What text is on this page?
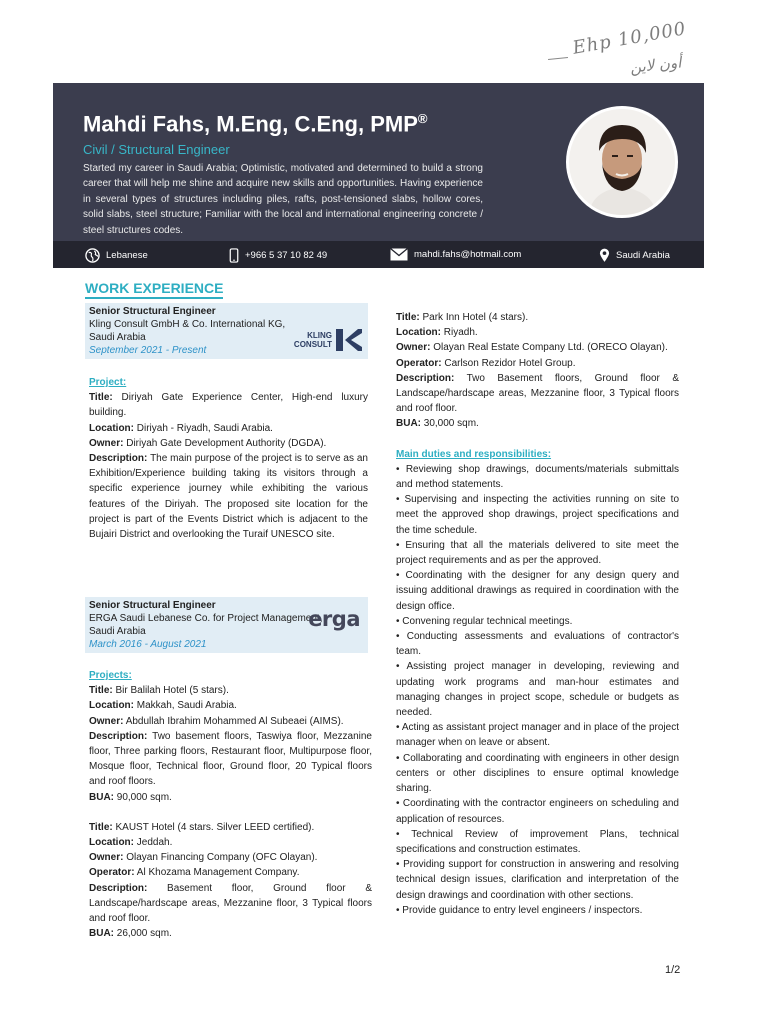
Ehp 10,000
أون لاين
Mahdi Fahs, M.Eng, C.Eng, PMP®
Civil / Structural Engineer
Started my career in Saudi Arabia; Optimistic, motivated and determined to build a strong career that will help me shine and acquire new skills and opportunities. Having experience in several types of structures including piles, rafts, post-tensioned slabs, hollow cores, solid slabs, steel structure; Familiar with the local and international engineering concrete / steel structures codes.
Lebanese	+966 5 37 10 82 49	mahdi.fahs@hotmail.com	Saudi Arabia
WORK EXPERIENCE
Senior Structural Engineer
Kling Consult GmbH & Co. International KG,
Saudi Arabia
September 2021 - Present
KLING
CONSULT

Project:

Title: Diriyah Gate Experience Center, High-end luxury building.

Location: Diriyah - Riyadh, Saudi Arabia.

Owner: Diriyah Gate Development Authority (DGDA).

Description: The main purpose of the project is to serve as an Exhibition/Experience building taking its visitors through a specific experience journey while exhibiting the various features of the Diriyah. The proposed site location for the project is part of the Events District which is adjacent to the Bujairi District and overlooking the Turaif UNESCO site.

Senior Structural Engineer
ERGA Saudi Lebanese Co. for Project Management,
Saudi Arabia
March 2016 - August 2021
erga

Projects:

Title: Bir Balilah Hotel (5 stars).

Location: Makkah, Saudi Arabia.

Owner: Abdullah Ibrahim Mohammed Al Subeaei (AIMS).

Description: Two basement floors, Taswiya floor, Mezzanine floor, Three parking floors, Restaurant floor, Multipurpose floor, Mosque floor, Technical floor, Ground floor, 20 Typical floors and roof floors.

BUA: 90,000 sqm.

Title: KAUST Hotel (4 stars. Silver LEED certified).

Location: Jeddah.

Owner: Olayan Financing Company (OFC Olayan).

Operator: Al Khozama Management Company.

Description: Basement floor, Ground floor & Landscape/hardscape areas, Mezzanine floor, 3 Typical floors and roof floor.

BUA: 26,000 sqm.

Title: Park Inn Hotel (4 stars).

Location: Riyadh.

Owner: Olayan Real Estate Company Ltd. (ORECO Olayan).

Operator: Carlson Rezidor Hotel Group.

Description: Two Basement floors, Ground floor & Landscape/hardscape areas, Mezzanine floor, 3 Typical floors and roof floor.

BUA: 30,000 sqm.

Main duties and responsibilities:

• Reviewing shop drawings, documents/materials submittals and method statements.

• Supervising and inspecting the activities running on site to meet the approved shop drawings, project specifications and the time schedule.

• Ensuring that all the materials delivered to site meet the project requirements and as per the approved.

• Coordinating with the designer for any design query and issuing additional drawings as required in coordination with the design office.

• Convening regular technical meetings.

• Conducting assessments and evaluations of contractor's team.

• Assisting project manager in developing, reviewing and updating work programs and man-hour estimates and managing changes in project scope, schedule or budgets as needed.

• Acting as assistant project manager and in place of the project manager when on leave or absent.

• Collaborating and coordinating with engineers in other design centers or other disciplines to ensure optimal knowledge sharing.

• Coordinating with the contractor engineers on scheduling and application of resources.

• Technical Review of improvement Plans, technical specifications and construction estimates.

• Providing support for construction in answering and resolving technical design issues, clarification and interpretation of the design drawings and coordination with other sections.

• Provide guidance to entry level engineers / inspectors.

1/2
